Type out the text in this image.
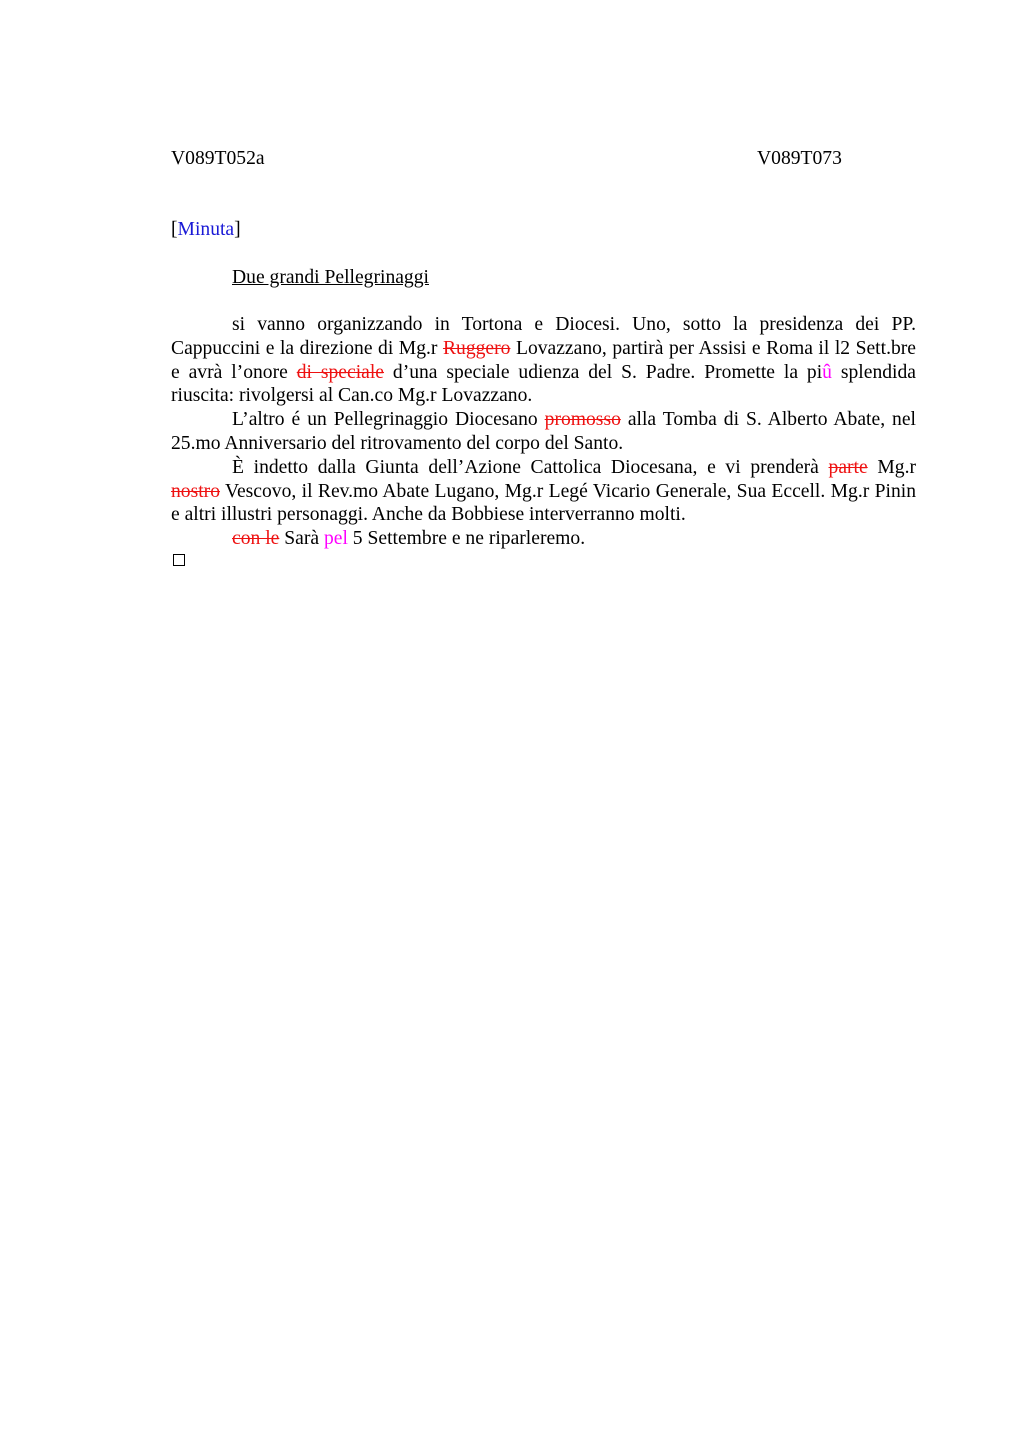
V089T052a	V089T073
[Minuta]
Due grandi Pellegrinaggi

si vanno organizzando in Tortona e Diocesi. Uno, sotto la presidenza dei PP. Cappuccini e la direzione di Mg.r Ruggero Lovazzano, partirà per Assisi e Roma il l2 Sett.bre e avrà l’onore di speciale d’una speciale udienza del S. Padre. Promette la piû splendida riuscita: rivolgersi al Can.co Mg.r Lovazzano.

L’altro é un Pellegrinaggio Diocesano promosso alla Tomba di S. Alberto Abate, nel 25.mo Anniversario del ritrovamento del corpo del Santo.

È indetto dalla Giunta dell’Azione Cattolica Diocesana, e vi prenderà parte Mg.r nostro Vescovo, il Rev.mo Abate Lugano, Mg.r Legé Vicario Generale, Sua Eccell. Mg.r Pinin e altri illustri personaggi. Anche da Bobbiese interverranno molti.

con le Sarà pel 5 Settembre e ne riparleremo.
